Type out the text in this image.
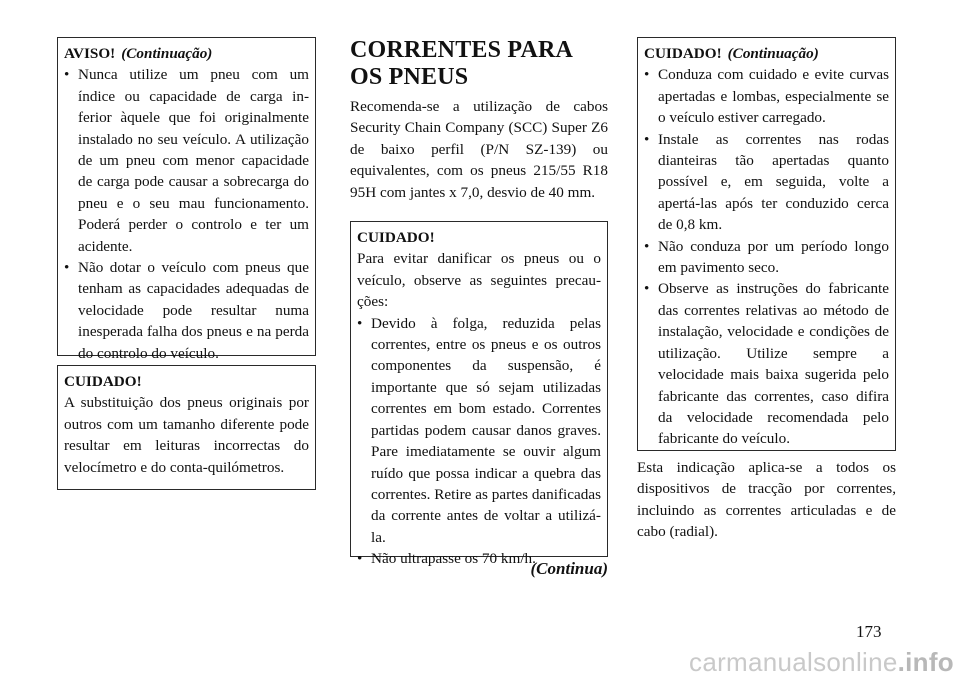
AVISO! (Continuação)
• Nunca utilize um pneu com um índice ou capacidade de carga inferior àquele que foi originalmente instalado no seu veículo. A utilização de um pneu com menor capacidade de carga pode causar a sobrecarga do pneu e o seu mau funcionamento. Poderá perder o controlo e ter um acidente.
• Não dotar o veículo com pneus que tenham as capacidades adequadas de velocidade pode resultar numa inesperada falha dos pneus e na perda do controlo do veículo.
CUIDADO!

A substituição dos pneus originais por outros com um tamanho diferente pode resultar em leituras incorrectas do velocímetro e do conta-quilómetros.

CORRENTES PARA OS PNEUS

Recomenda-se a utilização de cabos Security Chain Company (SCC) Super Z6 de baixo perfil (P/N SZ-139) ou equivalentes, com os pneus 215/55 R18 95H com jantes x 7,0, desvio de 40 mm.

CUIDADO!

Para evitar danificar os pneus ou o veículo, observe as seguintes precauções:

• Devido à folga, reduzida pelas correntes, entre os pneus e os outros componentes da suspensão, é importante que só sejam utilizadas correntes em bom estado. Correntes partidas podem causar danos graves. Pare imediatamente se ouvir algum ruído que possa indicar a quebra das correntes. Retire as partes danificadas da corrente antes de voltar a utilizá-la.
• Não ultrapasse os 70 km/h.
(Continua)
CUIDADO! (Continuação)
• Conduza com cuidado e evite curvas apertadas e lombas, especialmente se o veículo estiver carregado.
• Instale as correntes nas rodas dianteiras tão apertadas quanto possível e, em seguida, volte a apertá-las após ter conduzido cerca de 0,8 km.
• Não conduza por um período longo em pavimento seco.
• Observe as instruções do fabricante das correntes relativas ao método de instalação, velocidade e condições de utilização. Utilize sempre a velocidade mais baixa sugerida pelo fabricante das correntes, caso difira da velocidade recomendada pelo fabricante do veículo.

Esta indicação aplica-se a todos os dispositivos de tracção por correntes, incluindo as correntes articuladas e de cabo (radial).

173
carmanualsonline.info
